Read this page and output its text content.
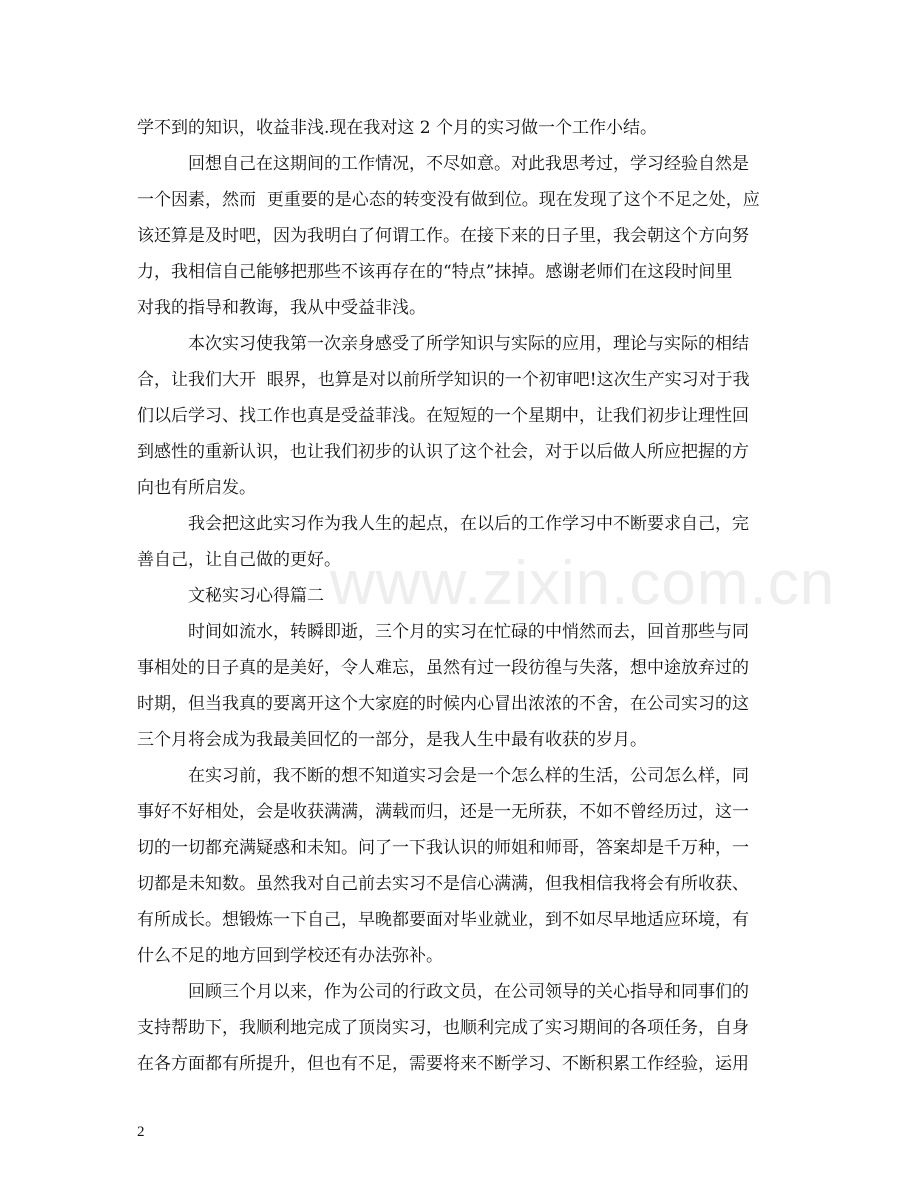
www.zixin.com.cn
学不到的知识，收益非浅.现在我对这 2 个月的实习做一个工作小结。
回想自己在这期间的工作情况，不尽如意。对此我思考过，学习经验自然是
一个因素，然而  更重要的是心态的转变没有做到位。现在发现了这个不足之处，应
该还算是及时吧，因为我明白了何谓工作。在接下来的日子里，我会朝这个方向努
力，我相信自己能够把那些不该再存在的“特点”抹掉。感谢老师们在这段时间里
对我的指导和教诲，我从中受益非浅。
本次实习使我第一次亲身感受了所学知识与实际的应用，理论与实际的相结
合，让我们大开  眼界，也算是对以前所学知识的一个初审吧!这次生产实习对于我
们以后学习、找工作也真是受益菲浅。在短短的一个星期中，让我们初步让理性回
到感性的重新认识，也让我们初步的认识了这个社会，对于以后做人所应把握的方
向也有所启发。
我会把这此实习作为我人生的起点，在以后的工作学习中不断要求自己，完
善自己，让自己做的更好。
文秘实习心得篇二
时间如流水，转瞬即逝，三个月的实习在忙碌的中悄然而去，回首那些与同
事相处的日子真的是美好，令人难忘，虽然有过一段彷徨与失落，想中途放弃过的
时期，但当我真的要离开这个大家庭的时候内心冒出浓浓的不舍，在公司实习的这
三个月将会成为我最美回忆的一部分，是我人生中最有收获的岁月。
在实习前，我不断的想不知道实习会是一个怎么样的生活，公司怎么样，同
事好不好相处，会是收获满满，满载而归，还是一无所获，不如不曾经历过，这一
切的一切都充满疑惑和未知。问了一下我认识的师姐和师哥，答案却是千万种，一
切都是未知数。虽然我对自己前去实习不是信心满满，但我相信我将会有所收获、
有所成长。想锻炼一下自己，早晚都要面对毕业就业，到不如尽早地适应环境，有
什么不足的地方回到学校还有办法弥补。
回顾三个月以来，作为公司的行政文员，在公司领导的关心指导和同事们的
支持帮助下，我顺利地完成了顶岗实习，也顺利完成了实习期间的各项任务，自身
在各方面都有所提升，但也有不足，需要将来不断学习、不断积累工作经验，运用
2
